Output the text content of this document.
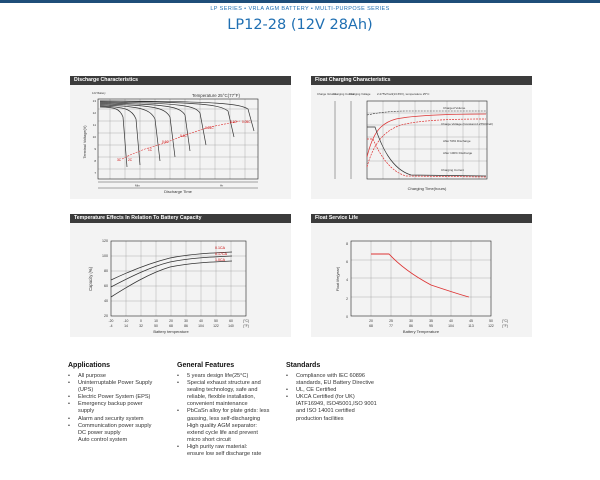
LP SERIES • VRLA AGM BATTERY • MULTI-PURPOSE SERIES
LP12-28 (12V 28Ah)
Discharge Characteristics
3C 2C
1C
0.6C
0.4C
0.25C
0.1C 0.05C
Temperature 25°C(77°F)
12V Battery
13
12
11
10
9
8
7
Terminal Voltage(V)
Min	Hr
Discharge Time
Float Charging Characteristics
2.275V/Cell(13.65V), temperature 25°C
Charge Volume
Charging Current
Charging Voltage
Charged Volume
Charge Voltage (Constant 2.275V/Cell)
After 50% Discharge
After 100% Discharge
Charging Current
Charging Time(hours)
Temperature Effects In Relation To Battery Capacity
0.1CA
0.17CA
1.0CA
120
100
80
60
40
20
Capacity (%)
-20	-10	0	10	20	30	40	50	60
-4	14	32	50	68	86	104	122	140
(°C)
(°F)
Battery temperature
Float Service Life
8
6
4
2
0
Float life(year)
20	25	30	35	40	45	50
68	77	86	95	104	113	122
(°C)
(°F)
Battery Temperature
Applications
• All purpose
• Uninterruptable Power Supply
(UPS)
• Electric Power System (EPS)
• Emergency backup power
supply
• Alarm and security system
• Communication power supply
DC power supply
Auto control system
General Features
• 5 years design life(25°C)
• Special exhaust structure and
sealing technology, safe and
reliable, flexible installation,
convenient maintenance
• PbCaSn alloy for plate grids: less
gassing, less self-discharging
High quality AGM separator:
extend cycle life and prevent
micro short circuit
• High purity raw material:
ensure low self discharge rate
Standards
• Compliance with IEC 60896
standards, EU Battery Directive
• UL, CE Certified
• UKCA Certified (for UK)
IATF16949, ISO45001,ISO 9001
and ISO 14001 certified
production facilities
